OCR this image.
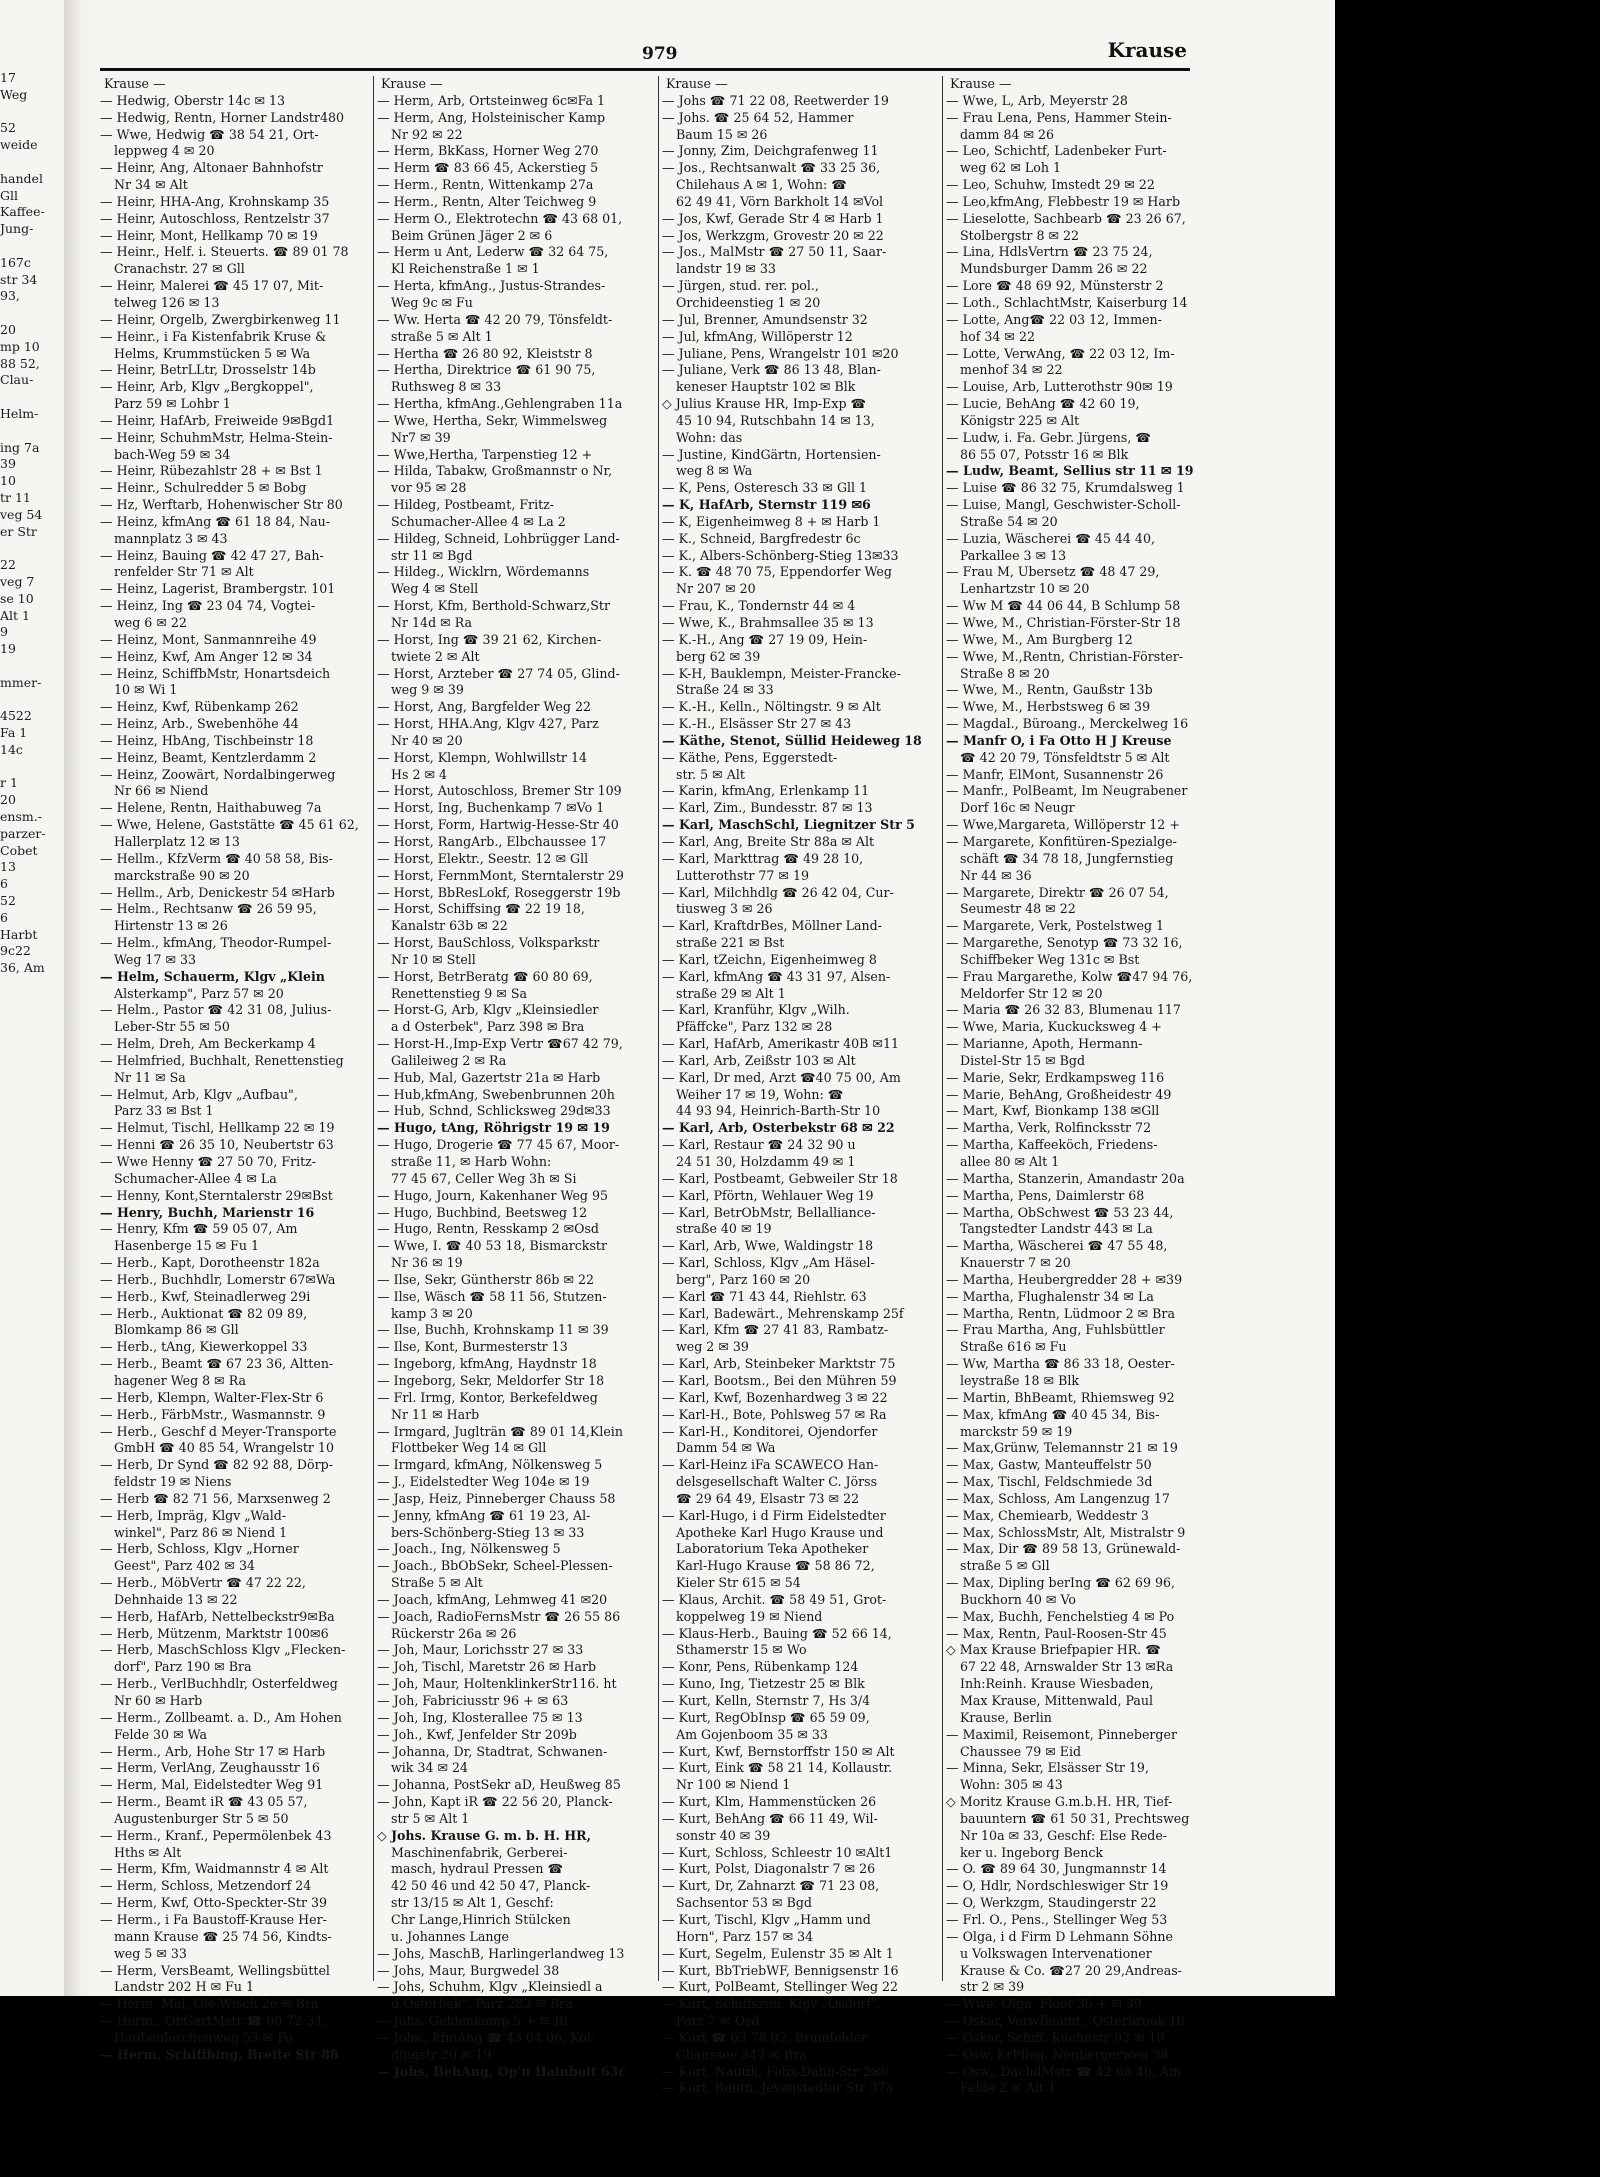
17
Weg
52
weide
handel
Gll
Kaffee-
Jung-
167c
str 34
93,
20
mp 10
88 52,
Clau-
Helm-
ing 7a
39
10
tr 11
veg 54
er Str
22
veg 7
se 10
Alt 1
9
19
mmer-
4522
Fa 1
14c
r 1
20
ensm.-
parzer-
Cobet
13
6
52
6
Harbt
9c22
36, Am
979	Krause
Krause —
— Hedwig, Oberstr 14c ✉ 13
— Hedwig, Rentn, Horner Landstr480
— Wwe, Hedwig ☎ 38 54 21, Ort-
leppweg 4 ✉ 20
— Heinr, Ang, Altonaer Bahnhofstr
Nr 34 ✉ Alt
— Heinr, HHA-Ang, Krohnskamp 35
— Heinr, Autoschloss, Rentzelstr 37
— Heinr, Mont, Hellkamp 70 ✉ 19
— Heinr., Helf. i. Steuerts. ☎ 89 01 78
Cranachstr. 27 ✉ Gll
— Heinr, Malerei ☎ 45 17 07, Mit-
telweg 126 ✉ 13
— Heinr, Orgelb, Zwergbirkenweg 11
— Heinr., i Fa Kistenfabrik Kruse &
Helms, Krummstücken 5 ✉ Wa
— Heinr, BetrLLtr, Drosselstr 14b
— Heinr, Arb, Klgv „Bergkoppel",
Parz 59 ✉ Lohbr 1
— Heinr, HafArb, Freiweide 9✉Bgd1
— Heinr, SchuhmMstr, Helma-Stein-
bach-Weg 59 ✉ 34
— Heinr, Rübezahlstr 28 + ✉ Bst 1
— Heinr., Schulredder 5 ✉ Bobg
— Hz, Werftarb, Hohenwischer Str 80
— Heinz, kfmAng ☎ 61 18 84, Nau-
mannplatz 3 ✉ 43
— Heinz, Bauing ☎ 42 47 27, Bah-
renfelder Str 71 ✉ Alt
— Heinz, Lagerist, Brambergstr. 101
— Heinz, Ing ☎ 23 04 74, Vogtei-
weg 6 ✉ 22
— Heinz, Mont, Sanmannreihe 49
— Heinz, Kwf, Am Anger 12 ✉ 34
— Heinz, SchiffbMstr, Honartsdeich
10 ✉ Wi 1
— Heinz, Kwf, Rübenkamp 262
— Heinz, Arb., Swebenhöhe 44
— Heinz, HbAng, Tischbeinstr 18
— Heinz, Beamt, Kentzlerdamm 2
— Heinz, Zoowärt, Nordalbingerweg
Nr 66 ✉ Niend
— Helene, Rentn, Haithabuweg 7a
— Wwe, Helene, Gaststätte ☎ 45 61 62,
Hallerplatz 12 ✉ 13
— Hellm., KfzVerm ☎ 40 58 58, Bis-
marckstraße 90 ✉ 20
— Hellm., Arb, Denickestr 54 ✉Harb
— Helm., Rechtsanw ☎ 26 59 95,
Hirtenstr 13 ✉ 26
— Helm., kfmAng, Theodor-Rumpel-
Weg 17 ✉ 33
— Helm, Schauerm, Klgv „Klein
Alsterkamp", Parz 57 ✉ 20
— Helm., Pastor ☎ 42 31 08, Julius-
Leber-Str 55 ✉ 50
— Helm, Dreh, Am Beckerkamp 4
— Helmfried, Buchhalt, Renettenstieg
Nr 11 ✉ Sa
— Helmut, Arb, Klgv „Aufbau",
Parz 33 ✉ Bst 1
— Helmut, Tischl, Hellkamp 22 ✉ 19
— Henni ☎ 26 35 10, Neubertstr 63
— Wwe Henny ☎ 27 50 70, Fritz-
Schumacher-Allee 4 ✉ La
— Henny, Kont,Sterntalerstr 29✉Bst
— Henry, Buchh, Marienstr 16
— Henry, Kfm ☎ 59 05 07, Am
Hasenberge 15 ✉ Fu 1
— Herb., Kapt, Dorotheenstr 182a
— Herb., Buchhdlr, Lomerstr 67✉Wa
— Herb., Kwf, Steinadlerweg 29i
— Herb., Auktionat ☎ 82 09 89,
Blomkamp 86 ✉ Gll
— Herb., tAng, Kiewerkoppel 33
— Herb., Beamt ☎ 67 23 36, Altten-
hagener Weg 8 ✉ Ra
— Herb, Klempn, Walter-Flex-Str 6
— Herb., FärbMstr., Wasmannstr. 9
— Herb., Geschf d Meyer-Transporte
GmbH ☎ 40 85 54, Wrangelstr 10
— Herb, Dr Synd ☎ 82 92 88, Dörp-
feldstr 19 ✉ Niens
— Herb ☎ 82 71 56, Marxsenweg 2
— Herb, Impräg, Klgv „Wald-
winkel", Parz 86 ✉ Niend 1
— Herb, Schloss, Klgv „Horner
Geest", Parz 402 ✉ 34
— Herb., MöbVertr ☎ 47 22 22,
Dehnhaide 13 ✉ 22
— Herb, HafArb, Nettelbeckstr9✉Ba
— Herb, Mützenm, Marktstr 100✉6
— Herb, MaschSchloss Klgv „Flecken-
dorf", Parz 190 ✉ Bra
— Herb., VerlBuchhdlr, Osterfeldweg
Nr 60 ✉ Harb
— Herm., Zollbeamt. a. D., Am Hohen
Felde 30 ✉ Wa
— Herm., Arb, Hohe Str 17 ✉ Harb
— Herm, VerlAng, Zeughausstr 16
— Herm, Mal, Eidelstedter Weg 91
— Herm., Beamt iR ☎ 43 05 57,
Augustenburger Str 5 ✉ 50
— Herm., Kranf., Pepermölenbek 43
Hths ✉ Alt
— Herm, Kfm, Waidmannstr 4 ✉ Alt
— Herm, Schloss, Metzendorf 24
— Herm, Kwf, Otto-Speckter-Str 39
— Herm., i Fa Baustoff-Krause Her-
mann Krause ☎ 25 74 56, Kindts-
weg 5 ✉ 33
— Herm, VersBeamt, Wellingsbüttel
Landstr 202 H ✉ Fu 1
— Herm, Mal, Ole Wisch 2e ✉ Bra
— Herm., ObGartMstr ☎ 60 72 34,
Haubenlerchenweg 53 ✉ Po
— Herm, Schiffbing, Breite Str 88
Krause —
— Herm, Arb, Ortsteinweg 6c✉Fa 1
— Herm, Ang, Holsteinischer Kamp
Nr 92 ✉ 22
— Herm, BkKass, Horner Weg 270
— Herm ☎ 83 66 45, Ackerstieg 5
— Herm., Rentn, Wittenkamp 27a
— Herm., Rentn, Alter Teichweg 9
— Herm O., Elektrotechn ☎ 43 68 01,
Beim Grünen Jäger 2 ✉ 6
— Herm u Ant, Lederw ☎ 32 64 75,
Kl Reichenstraße 1 ✉ 1
— Herta, kfmAng., Justus-Strandes-
Weg 9c ✉ Fu
— Ww. Herta ☎ 42 20 79, Tönsfeldt-
straße 5 ✉ Alt 1
— Hertha ☎ 26 80 92, Kleiststr 8
— Hertha, Direktrice ☎ 61 90 75,
Ruthsweg 8 ✉ 33
— Hertha, kfmAng.,Gehlengraben 11a
— Wwe, Hertha, Sekr, Wimmelsweg
Nr7 ✉ 39
— Wwe,Hertha, Tarpenstieg 12 +
— Hilda, Tabakw, Großmannstr o Nr,
vor 95 ✉ 28
— Hildeg, Postbeamt, Fritz-
Schumacher-Allee 4 ✉ La 2
— Hildeg, Schneid, Lohbrügger Land-
str 11 ✉ Bgd
— Hildeg., Wicklrn, Wördemanns
Weg 4 ✉ Stell
— Horst, Kfm, Berthold-Schwarz,Str
Nr 14d ✉ Ra
— Horst, Ing ☎ 39 21 62, Kirchen-
twiete 2 ✉ Alt
— Horst, Arzteber ☎ 27 74 05, Glind-
weg 9 ✉ 39
— Horst, Ang, Bargfelder Weg 22
— Horst, HHA.Ang, Klgv 427, Parz
Nr 40 ✉ 20
— Horst, Klempn, Wohlwillstr 14
Hs 2 ✉ 4
— Horst, Autoschloss, Bremer Str 109
— Horst, Ing, Buchenkamp 7 ✉Vo 1
— Horst, Form, Hartwig-Hesse-Str 40
— Horst, RangArb., Elbchaussee 17
— Horst, Elektr., Seestr. 12 ✉ Gll
— Horst, FernmMont, Sterntalerstr 29
— Horst, BbResLokf, Roseggerstr 19b
— Horst, Schiffsing ☎ 22 19 18,
Kanalstr 63b ✉ 22
— Horst, BauSchloss, Volksparkstr
Nr 10 ✉ Stell
— Horst, BetrBeratg ☎ 60 80 69,
Renettenstieg 9 ✉ Sa
— Horst-G, Arb, Klgv „Kleinsiedler
a d Osterbek", Parz 398 ✉ Bra
— Horst-H.,Imp-Exp Vertr ☎67 42 79,
Galileiweg 2 ✉ Ra
— Hub, Mal, Gazertstr 21a ✉ Harb
— Hub,kfmAng, Swebenbrunnen 20h
— Hub, Schnd, Schlicksweg 29d✉33
— Hugo, tAng, Röhrigstr 19 ✉ 19
— Hugo, Drogerie ☎ 77 45 67, Moor-
straße 11, ✉ Harb Wohn:
77 45 67, Celler Weg 3h ✉ Si
— Hugo, Journ, Kakenhaner Weg 95
— Hugo, Buchbind, Beetsweg 12
— Hugo, Rentn, Resskamp 2 ✉Osd
— Wwe, I. ☎ 40 53 18, Bismarckstr
Nr 36 ✉ 19
— Ilse, Sekr, Güntherstr 86b ✉ 22
— Ilse, Wäsch ☎ 58 11 56, Stutzen-
kamp 3 ✉ 20
— Ilse, Buchh, Krohnskamp 11 ✉ 39
— Ilse, Kont, Burmesterstr 13
— Ingeborg, kfmAng, Haydnstr 18
— Ingeborg, Sekr, Meldorfer Str 18
— Frl. Irmg, Kontor, Berkefeldweg
Nr 11 ✉ Harb
— Irmgard, Juglträn ☎ 89 01 14,Klein
Flottbeker Weg 14 ✉ Gll
— Irmgard, kfmAng, Nölkensweg 5
— J., Eidelstedter Weg 104e ✉ 19
— Jasp, Heiz, Pinneberger Chauss 58
— Jenny, kfmAng ☎ 61 19 23, Al-
bers-Schönberg-Stieg 13 ✉ 33
— Joach., Ing, Nölkensweg 5
— Joach., BbObSekr, Scheel-Plessen-
Straße 5 ✉ Alt
— Joach, kfmAng, Lehmweg 41 ✉20
— Joach, RadioFernsMstr ☎ 26 55 86
Rückerstr 26a ✉ 26
— Joh, Maur, Lorichsstr 27 ✉ 33
— Joh, Tischl, Maretstr 26 ✉ Harb
— Joh, Maur, HoltenklinkerStr116. ht
— Joh, Fabriciusstr 96 + ✉ 63
— Joh, Ing, Klosterallee 75 ✉ 13
— Joh., Kwf, Jenfelder Str 209b
— Johanna, Dr, Stadtrat, Schwanen-
wik 34 ✉ 24
— Johanna, PostSekr aD, Heußweg 85
— John, Kapt iR ☎ 22 56 20, Planck-
str 5 ✉ Alt 1
◇ Johs. Krause G. m. b. H. HR,
Maschinenfabrik, Gerberei-
masch, hydraul Pressen ☎
42 50 46 und 42 50 47, Planck-
str 13/15 ✉ Alt 1, Geschf:
Chr Lange,Hinrich Stülcken
u. Johannes Lange
— Johs, MaschB, Harlingerlandweg 13
— Johs, Maur, Burgwedel 38
— Johs, Schuhm, Klgv „Kleinsiedl a
d Osterbek", Parz 283 ✉ Bra
— Johs, Gehlenkamp 5 + ✉ Ri
— Johs., kfmAng ☎ 43 04 06, Kol-
dingstr 20 ✉ 19
— Johs, BehAng, Op'n Hainbolt 63c
Krause —
— Johs ☎ 71 22 08, Reetwerder 19
— Johs. ☎ 25 64 52, Hammer
Baum 15 ✉ 26
— Jonny, Zim, Deichgrafenweg 11
— Jos., Rechtsanwalt ☎ 33 25 36,
Chilehaus A ✉ 1, Wohn: ☎
62 49 41, Vörn Barkholt 14 ✉Vol
— Jos, Kwf, Gerade Str 4 ✉ Harb 1
— Jos, Werkzgm, Grovestr 20 ✉ 22
— Jos., MalMstr ☎ 27 50 11, Saar-
landstr 19 ✉ 33
— Jürgen, stud. rer. pol.,
Orchideenstieg 1 ✉ 20
— Jul, Brenner, Amundsenstr 32
— Jul, kfmAng, Willöperstr 12
— Juliane, Pens, Wrangelstr 101 ✉20
— Juliane, Verk ☎ 86 13 48, Blan-
keneser Hauptstr 102 ✉ Blk
◇ Julius Krause HR, Imp-Exp ☎
45 10 94, Rutschbahn 14 ✉ 13,
Wohn: das
— Justine, KindGärtn, Hortensien-
weg 8 ✉ Wa
— K, Pens, Osteresch 33 ✉ Gll 1
— K, HafArb, Sternstr 119 ✉6
— K, Eigenheimweg 8 + ✉ Harb 1
— K., Schneid, Bargfredestr 6c
— K., Albers-Schönberg-Stieg 13✉33
— K. ☎ 48 70 75, Eppendorfer Weg
Nr 207 ✉ 20
— Frau, K., Tondernstr 44 ✉ 4
— Wwe, K., Brahmsallee 35 ✉ 13
— K.-H., Ang ☎ 27 19 09, Hein-
berg 62 ✉ 39
— K-H, Bauklempn, Meister-Francke-
Straße 24 ✉ 33
— K.-H., Kelln., Nöltingstr. 9 ✉ Alt
— K.-H., Elsässer Str 27 ✉ 43
— Käthe, Stenot, Süllid Heideweg 18
— Käthe, Pens, Eggerstedt-
str. 5 ✉ Alt
— Karin, kfmAng, Erlenkamp 11
— Karl, Zim., Bundesstr. 87 ✉ 13
— Karl, MaschSchl, Liegnitzer Str 5
— Karl, Ang, Breite Str 88a ✉ Alt
— Karl, Markttrag ☎ 49 28 10,
Lutterothstr 77 ✉ 19
— Karl, Milchhdlg ☎ 26 42 04, Cur-
tiusweg 3 ✉ 26
— Karl, KraftdrBes, Möllner Land-
straße 221 ✉ Bst
— Karl, tZeichn, Eigenheimweg 8
— Karl, kfmAng ☎ 43 31 97, Alsen-
straße 29 ✉ Alt 1
— Karl, Kranführ, Klgv „Wilh.
Pfäffcke", Parz 132 ✉ 28
— Karl, HafArb, Amerikastr 40B ✉11
— Karl, Arb, Zeißstr 103 ✉ Alt
— Karl, Dr med, Arzt ☎40 75 00, Am
Weiher 17 ✉ 19, Wohn: ☎
44 93 94, Heinrich-Barth-Str 10
— Karl, Arb, Osterbekstr 68 ✉ 22
— Karl, Restaur ☎ 24 32 90 u
24 51 30, Holzdamm 49 ✉ 1
— Karl, Postbeamt, Gebweiler Str 18
— Karl, Pförtn, Wehlauer Weg 19
— Karl, BetrObMstr, Bellalliance-
straße 40 ✉ 19
— Karl, Arb, Wwe, Waldingstr 18
— Karl, Schloss, Klgv „Am Häsel-
berg", Parz 160 ✉ 20
— Karl ☎ 71 43 44, Riehlstr. 63
— Karl, Badewärt., Mehrenskamp 25f
— Karl, Kfm ☎ 27 41 83, Rambatz-
weg 2 ✉ 39
— Karl, Arb, Steinbeker Marktstr 75
— Karl, Bootsm., Bei den Mühren 59
— Karl, Kwf, Bozenhardweg 3 ✉ 22
— Karl-H., Bote, Pohlsweg 57 ✉ Ra
— Karl-H., Konditorei, Ojendorfer
Damm 54 ✉ Wa
— Karl-Heinz iFa SCAWECO Han-
delsgesellschaft Walter C. Jörss
☎ 29 64 49, Elsastr 73 ✉ 22
— Karl-Hugo, i d Firm Eidelstedter
Apotheke Karl Hugo Krause und
Laboratorium Teka Apotheker
Karl-Hugo Krause ☎ 58 86 72,
Kieler Str 615 ✉ 54
— Klaus, Archit. ☎ 58 49 51, Grot-
koppelweg 19 ✉ Niend
— Klaus-Herb., Bauing ☎ 52 66 14,
Sthamerstr 15 ✉ Wo
— Konr, Pens, Rübenkamp 124
— Kuno, Ing, Tietzestr 25 ✉ Blk
— Kurt, Kelln, Sternstr 7, Hs 3/4
— Kurt, RegObInsp ☎ 65 59 09,
Am Gojenboom 35 ✉ 33
— Kurt, Kwf, Bernstorffstr 150 ✉ Alt
— Kurt, Eink ☎ 58 21 14, Kollaustr.
Nr 100 ✉ Niend 1
— Kurt, Klm, Hammenstücken 26
— Kurt, BehAng ☎ 66 11 49, Wil-
sonstr 40 ✉ 39
— Kurt, Schloss, Schleestr 10 ✉Alt1
— Kurt, Polst, Diagonalstr 7 ✉ 26
— Kurt, Dr, Zahnarzt ☎ 71 23 08,
Sachsentor 53 ✉ Bgd
— Kurt, Tischl, Klgv „Hamm und
Horn", Parz 157 ✉ 34
— Kurt, Segelm, Eulenstr 35 ✉ Alt 1
— Kurt, BbTriebWF, Bennigsenstr 16
— Kurt, PolBeamt, Stellinger Weg 22
— Kurt, Schiffszim, Klgv „Osdorf",
Parz 7 ✉ Osd
— Kurt ☎ 63 78 02, Bramfelder
Chaussee 347 ✉ Bra
— Kurt, Nautik, Felix-Dahn-Str 2✉6
— Kurt, Rentn, Jevenstedter Str 37a
Krause —
— Wwe, L, Arb, Meyerstr 28
— Frau Lena, Pens, Hammer Stein-
damm 84 ✉ 26
— Leo, Schichtf, Ladenbeker Furt-
weg 62 ✉ Loh 1
— Leo, Schuhw, Imstedt 29 ✉ 22
— Leo,kfmAng, Flebbestr 19 ✉ Harb
— Lieselotte, Sachbearb ☎ 23 26 67,
Stolbergstr 8 ✉ 22
— Lina, HdlsVertrn ☎ 23 75 24,
Mundsburger Damm 26 ✉ 22
— Lore ☎ 48 69 92, Münsterstr 2
— Loth., SchlachtMstr, Kaiserburg 14
— Lotte, Ang☎ 22 03 12, Immen-
hof 34 ✉ 22
— Lotte, VerwAng, ☎ 22 03 12, Im-
menhof 34 ✉ 22
— Louise, Arb, Lutterothstr 90✉ 19
— Lucie, BehAng ☎ 42 60 19,
Königstr 225 ✉ Alt
— Ludw, i. Fa. Gebr. Jürgens, ☎
86 55 07, Potsstr 16 ✉ Blk
— Ludw, Beamt, Sellius str 11 ✉ 19
— Luise ☎ 86 32 75, Krumdalsweg 1
— Luise, Mangl, Geschwister-Scholl-
Straße 54 ✉ 20
— Luzia, Wäscherei ☎ 45 44 40,
Parkallee 3 ✉ 13
— Frau M, Ubersetz ☎ 48 47 29,
Lenhartzstr 10 ✉ 20
— Ww M ☎ 44 06 44, B Schlump 58
— Wwe, M., Christian-Förster-Str 18
— Wwe, M., Am Burgberg 12
— Wwe, M.,Rentn, Christian-Förster-
Straße 8 ✉ 20
— Wwe, M., Rentn, Gaußstr 13b
— Wwe, M., Herbstsweg 6 ✉ 39
— Magdal., Büroang., Merckelweg 16
— Manfr O, i Fa Otto H J Kreuse
☎ 42 20 79, Tönsfeldtstr 5 ✉ Alt
— Manfr, ElMont, Susannenstr 26
— Manfr., PolBeamt, Im Neugrabener
Dorf 16c ✉ Neugr
— Wwe,Margareta, Willöperstr 12 +
— Margarete, Konfitüren-Spezialge-
schäft ☎ 34 78 18, Jungfernstieg
Nr 44 ✉ 36
— Margarete, Direktr ☎ 26 07 54,
Seumestr 48 ✉ 22
— Margarete, Verk, Postelstweg 1
— Margarethe, Senotyp ☎ 73 32 16,
Schiffbeker Weg 131c ✉ Bst
— Frau Margarethe, Kolw ☎47 94 76,
Meldorfer Str 12 ✉ 20
— Maria ☎ 26 32 83, Blumenau 117
— Wwe, Maria, Kuckucksweg 4 +
— Marianne, Apoth, Hermann-
Distel-Str 15 ✉ Bgd
— Marie, Sekr, Erdkampsweg 116
— Marie, BehAng, Großheidestr 49
— Mart, Kwf, Bionkamp 138 ✉Gll
— Martha, Verk, Rolfincksstr 72
— Martha, Kaffeeköch, Friedens-
allee 80 ✉ Alt 1
— Martha, Stanzerin, Amandastr 20a
— Martha, Pens, Daimlerstr 68
— Martha, ObSchwest ☎ 53 23 44,
Tangstedter Landstr 443 ✉ La
— Martha, Wäscherei ☎ 47 55 48,
Knauerstr 7 ✉ 20
— Martha, Heubergredder 28 + ✉39
— Martha, Flughalenstr 34 ✉ La
— Martha, Rentn, Lüdmoor 2 ✉ Bra
— Frau Martha, Ang, Fuhlsbüttler
Straße 616 ✉ Fu
— Ww, Martha ☎ 86 33 18, Oester-
leystraße 18 ✉ Blk
— Martin, BhBeamt, Rhiemsweg 92
— Max, kfmAng ☎ 40 45 34, Bis-
marckstr 59 ✉ 19
— Max,Grünw, Telemannstr 21 ✉ 19
— Max, Gastw, Manteuffelstr 50
— Max, Tischl, Feldschmiede 3d
— Max, Schloss, Am Langenzug 17
— Max, Chemiearb, Weddestr 3
— Max, SchlossMstr, Alt, Mistralstr 9
— Max, Dir ☎ 89 58 13, Grünewald-
straße 5 ✉ Gll
— Max, Dipling berIng ☎ 62 69 96,
Buckhorn 40 ✉ Vo
— Max, Buchh, Fenchelstieg 4 ✉ Po
— Max, Rentn, Paul-Roosen-Str 45
◇ Max Krause Briefpapier HR. ☎
67 22 48, Arnswalder Str 13 ✉Ra
Inh:Reinh. Krause Wiesbaden,
Max Krause, Mittenwald, Paul
Krause, Berlin
— Maximil, Reisemont, Pinneberger
Chaussee 79 ✉ Eid
— Minna, Sekr, Elsässer Str 19,
Wohn: 305 ✉ 43
◇ Moritz Krause G.m.b.H. HR, Tief-
bauuntern ☎ 61 50 31, Prechtsweg
Nr 10a ✉ 33, Geschf: Else Rede-
ker u. Ingeborg Benck
— O. ☎ 89 64 30, Jungmannstr 14
— O, Hdlr, Nordschleswiger Str 19
— O, Werkzgm, Staudingerstr 22
— Frl. O., Pens., Stellinger Weg 53
— Olga, i d Firm D Lehmann Söhne
u Volkswagen Intervenationer
Krause & Co. ☎27 20 29,Andreas-
str 2 ✉ 39
— Wwe, Olga, Floot 36 + ✉ 39
— Oskar, VerwBeamt., Osterbrook 16
— Oskar, Schiff, Kuehnstr 93 ✉ 19
— Osw, KrPfleg, Neubergerweg 38
— Osw., DachdMstr ☎ 42 68 46, Am
Felde 2 ✉ Alt 1
